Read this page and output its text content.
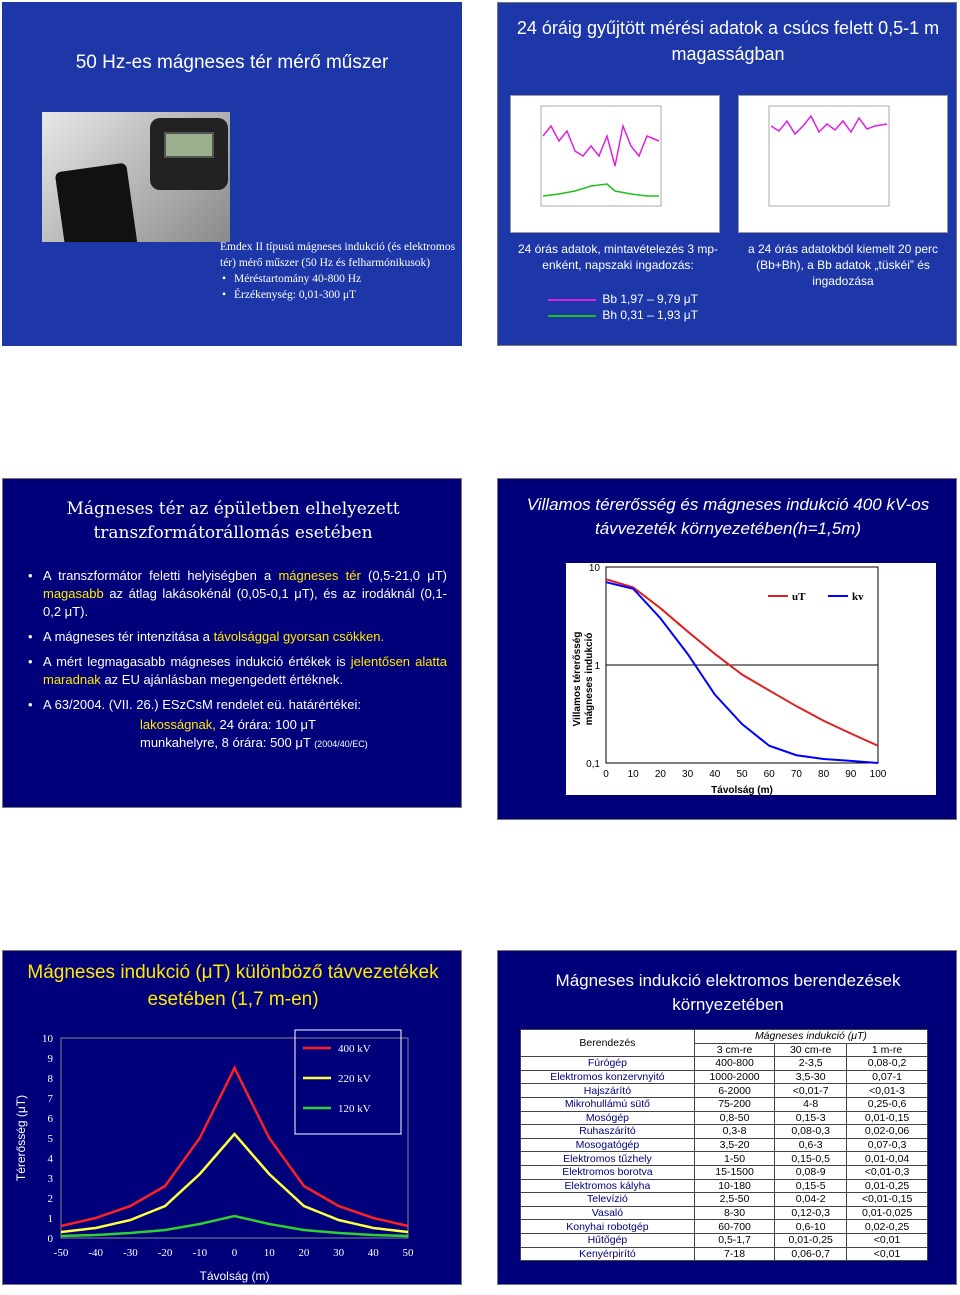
50 Hz-es mágneses tér mérő műszer
Emdex II típusú mágneses indukció (és elektromos tér) mérő műszer (50 Hz és felharmónikusok)
• Méréstartomány 40-800 Hz
• Érzékenység: 0,01-300 μT
24 óráig gyűjtött mérési adatok a csúcs felett 0,5-1 m magasságban
24 órás adatok, mintavételezés 3 mp-enként, napszaki ingadozás:
Bb 1,97 – 9,79 μT
Bh 0,31 – 1,93 μT
a 24 órás adatokból kiemelt 20 perc (Bb+Bh), a Bb adatok „tüskéi” és ingadozása
Mágneses tér az épületben elhelyezett transzformátorállomás esetében

• A transzformátor feletti helyiségben a mágneses tér (0,5-21,0 μT) magasabb az átlag lakásokénál (0,05-0,1 μT), és az irodáknál (0,1-0,2 μT).

• A mágneses tér intenzitása a távolsággal gyorsan csökken.

• A mért legmagasabb mágneses indukció értékek is jelentősen alatta maradnak az EU ajánlásban megengedett értéknek.

• A 63/2004. (VII. 26.) ESzCsM rendelet eü. határértékei:

lakosságnak, 24 órára: 100 μT
munkahelyre, 8 órára: 500 μT (2004/40/EC)
Villamos térerősség és mágneses indukció 400 kV-os távvezeték környezetében(h=1,5m)
10
1
0,1
0 10 20 30 40 50 60 70 80 90 100
Távolság (m)
Villamos térerősség mágneses indukció
uT	kv
Mágneses indukció (μT) különböző távvezetékek esetében (1,7 m-en)
0
1
2
3
4
5
6
7
8
9
10
-50 -40 -30 -20 -10 0 10 20 30 40 50
Távolság (m)
Térerősség (μT)
400 kV
220 kV
120 kV
Mágneses indukció elektromos berendezések környezetében
Berendezés	Mágneses indukció (μT)		
	3 cm-re	30 cm-re	1 m-re
Fúrógép	400-800	2-3,5	0,08-0,2
Elektromos konzervnyitó	1000-2000	3,5-30	0,07-1
Hajszárító	6-2000	<0,01-7	<0,01-3
Mikrohullámú sütő	75-200	4-8	0,25-0,6
Mosógép	0,8-50	0,15-3	0,01-0,15
Ruhaszárító	0,3-8	0,08-0,3	0,02-0,06
Mosogatógép	3,5-20	0,6-3	0,07-0,3
Elektromos tűzhely	1-50	0,15-0,5	0,01-0,04
Elektromos borotva	15-1500	0,08-9	<0,01-0,3
Elektromos kályha	10-180	0,15-5	0,01-0,25
Televízió	2,5-50	0,04-2	<0,01-0,15
Vasaló	8-30	0,12-0,3	0,01-0,025
Konyhai robotgép	60-700	0,6-10	0,02-0,25
Hűtőgép	0,5-1,7	0,01-0,25	<0,01
Kenyérpirító	7-18	0,06-0,7	<0,01
